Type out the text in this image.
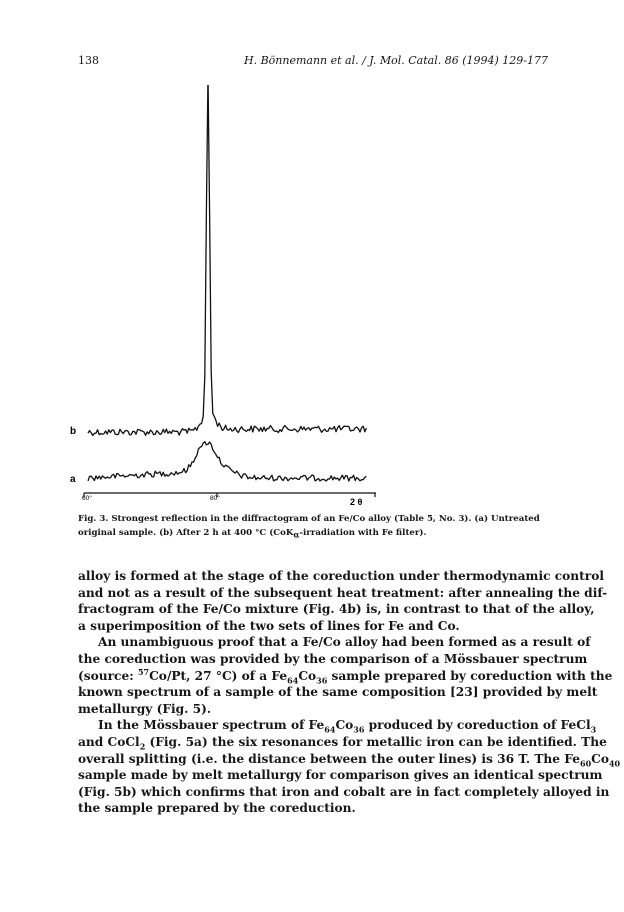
138	H. Bönnemann et al. / J. Mol. Catal. 86 (1994) 129-177
b
a
60°	80°	2 θ
Fig. 3. Strongest reflection in the diffractogram of an Fe/Co alloy (Table 5, No. 3). (a) Untreated
original sample. (b) After 2 h at 400 °C (CoK$_\alpha$-irradiation with Fe filter).
alloy is formed at the stage of the coreduction under thermodynamic control
and not as a result of the subsequent heat treatment: after annealing the dif-
fractogram of the Fe/Co mixture (Fig. 4b) is, in contrast to that of the alloy,
a superimposition of the two sets of lines for Fe and Co.
An unambiguous proof that a Fe/Co alloy had been formed as a result of
the coreduction was provided by the comparison of a Mössbauer spectrum
(source: $^{57}$Co/Pt, 27 °C) of a $Fe_{64}Co_{36}$ sample prepared by coreduction with the
known spectrum of a sample of the same composition [23] provided by melt
metallurgy (Fig. 5).
In the Mössbauer spectrum of $Fe_{64}Co_{36}$ produced by coreduction of FeCl$_3$
and CoCl$_2$ (Fig. 5a) the six resonances for metallic iron can be identified. The
overall splitting (i.e. the distance between the outer lines) is 36 T. The $Fe_{60}Co_{40}$
sample made by melt metallurgy for comparison gives an identical spectrum
(Fig. 5b) which confirms that iron and cobalt are in fact completely alloyed in
the sample prepared by the coreduction.
